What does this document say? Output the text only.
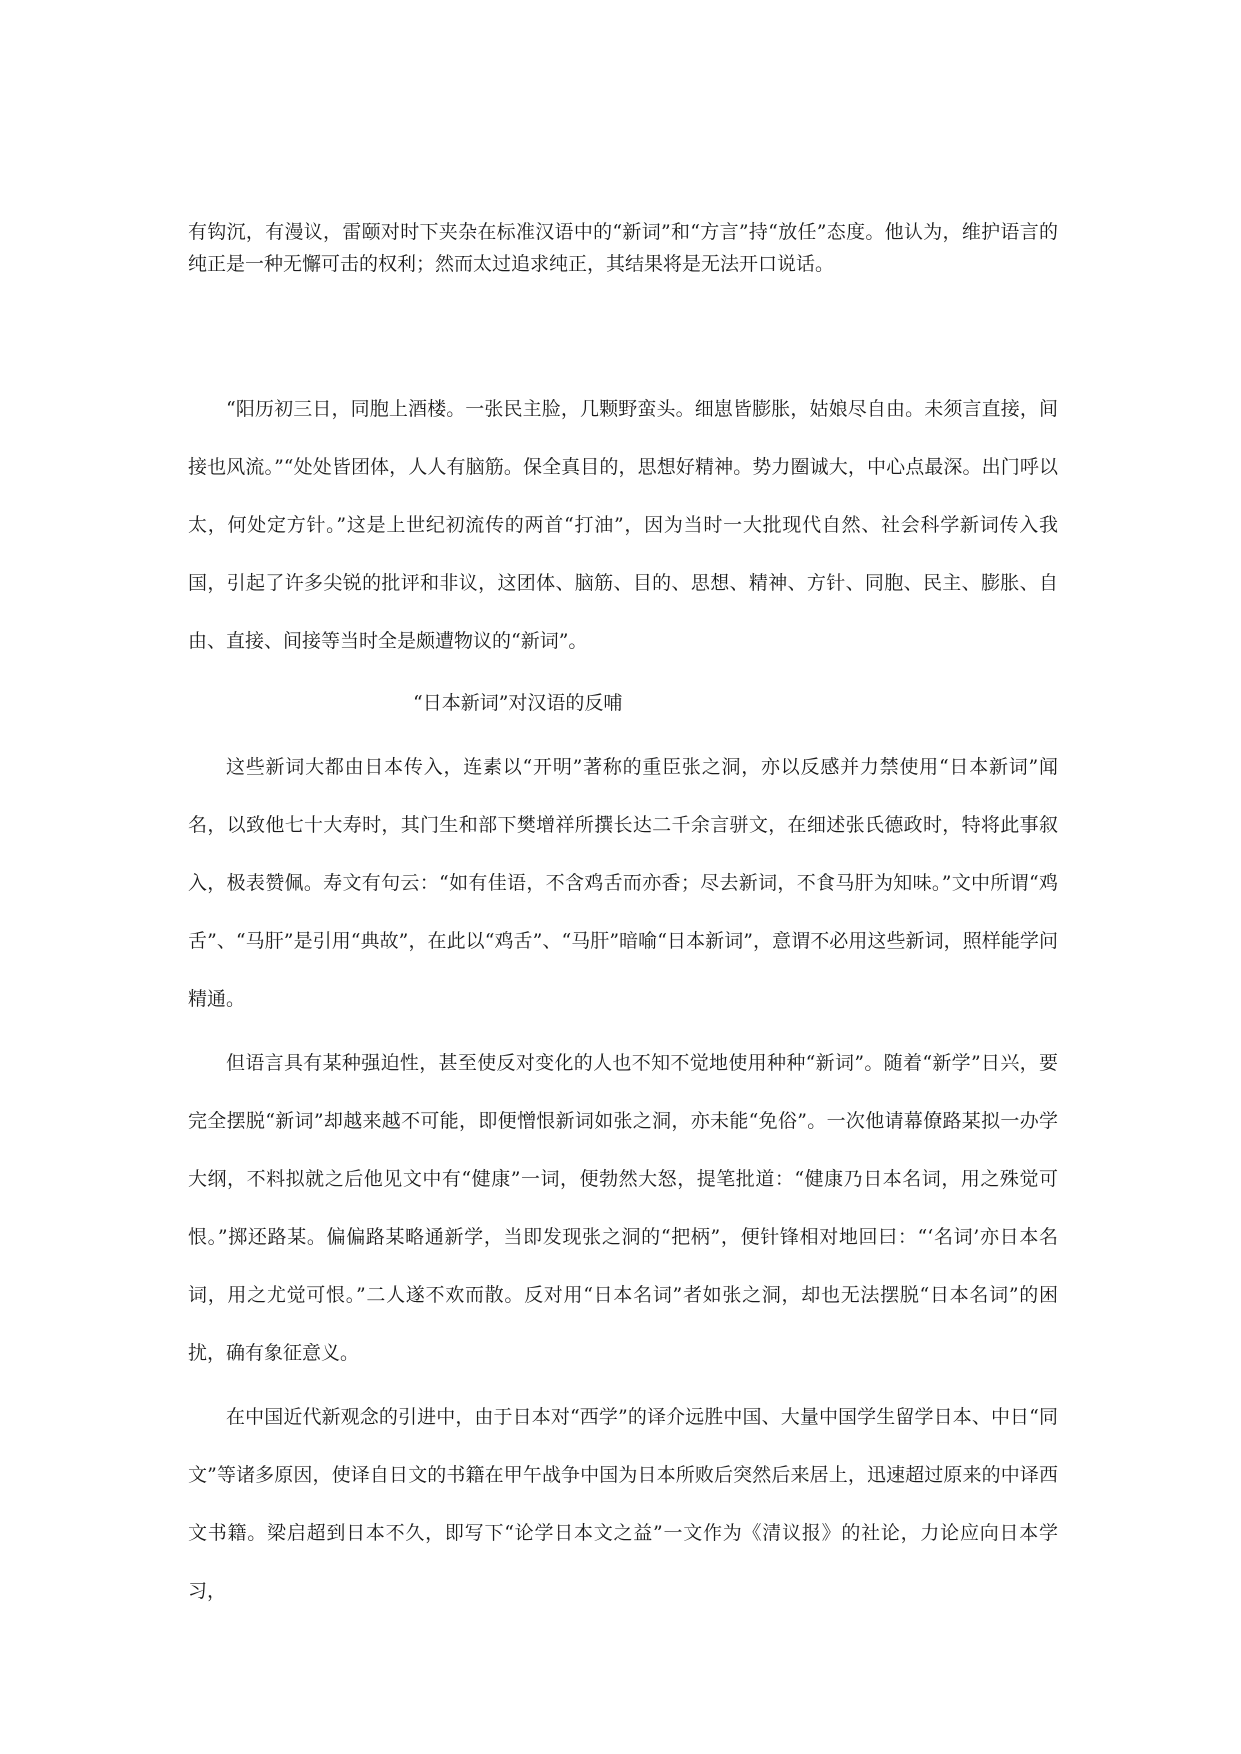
有钩沉，有漫议，雷颐对时下夹杂在标准汉语中的“新词”和“方言”持“放任”态度。他认为，维护语言的纯正是一种无懈可击的权利；然而太过追求纯正，其结果将是无法开口说话。

“阳历初三日，同胞上酒楼。一张民主脸，几颗野蛮头。细崽皆膨胀，姑娘尽自由。未须言直接，间接也风流。”“处处皆团体，人人有脑筋。保全真目的，思想好精神。势力圈诚大，中心点最深。出门呼以太，何处定方针。”这是上世纪初流传的两首“打油”，因为当时一大批现代自然、社会科学新词传入我国，引起了许多尖锐的批评和非议，这团体、脑筋、目的、思想、精神、方针、同胞、民主、膨胀、自由、直接、间接等当时全是颇遭物议的“新词”。

“日本新词”对汉语的反哺

这些新词大都由日本传入，连素以“开明”著称的重臣张之洞，亦以反感并力禁使用“日本新词”闻名，以致他七十大寿时，其门生和部下樊增祥所撰长达二千余言骈文，在细述张氏德政时，特将此事叙入，极表赞佩。寿文有句云：“如有佳语，不含鸡舌而亦香；尽去新词，不食马肝为知味。”文中所谓“鸡舌”、“马肝”是引用“典故”，在此以“鸡舌”、“马肝”暗喻“日本新词”，意谓不必用这些新词，照样能学问精通。

但语言具有某种强迫性，甚至使反对变化的人也不知不觉地使用种种“新词”。随着“新学”日兴，要完全摆脱“新词”却越来越不可能，即便憎恨新词如张之洞，亦未能“免俗”。一次他请幕僚路某拟一办学大纲，不料拟就之后他见文中有“健康”一词，便勃然大怒，提笔批道：“健康乃日本名词，用之殊觉可恨。”掷还路某。偏偏路某略通新学，当即发现张之洞的“把柄”，便针锋相对地回曰：“‘名词’亦日本名词，用之尤觉可恨。”二人遂不欢而散。反对用“日本名词”者如张之洞，却也无法摆脱“日本名词”的困扰，确有象征意义。

在中国近代新观念的引进中，由于日本对“西学”的译介远胜中国、大量中国学生留学日本、中日“同文”等诸多原因，使译自日文的书籍在甲午战争中国为日本所败后突然后来居上，迅速超过原来的中译西文书籍。梁启超到日本不久，即写下“论学日本文之益”一文作为《清议报》的社论，力论应向日本学习，
